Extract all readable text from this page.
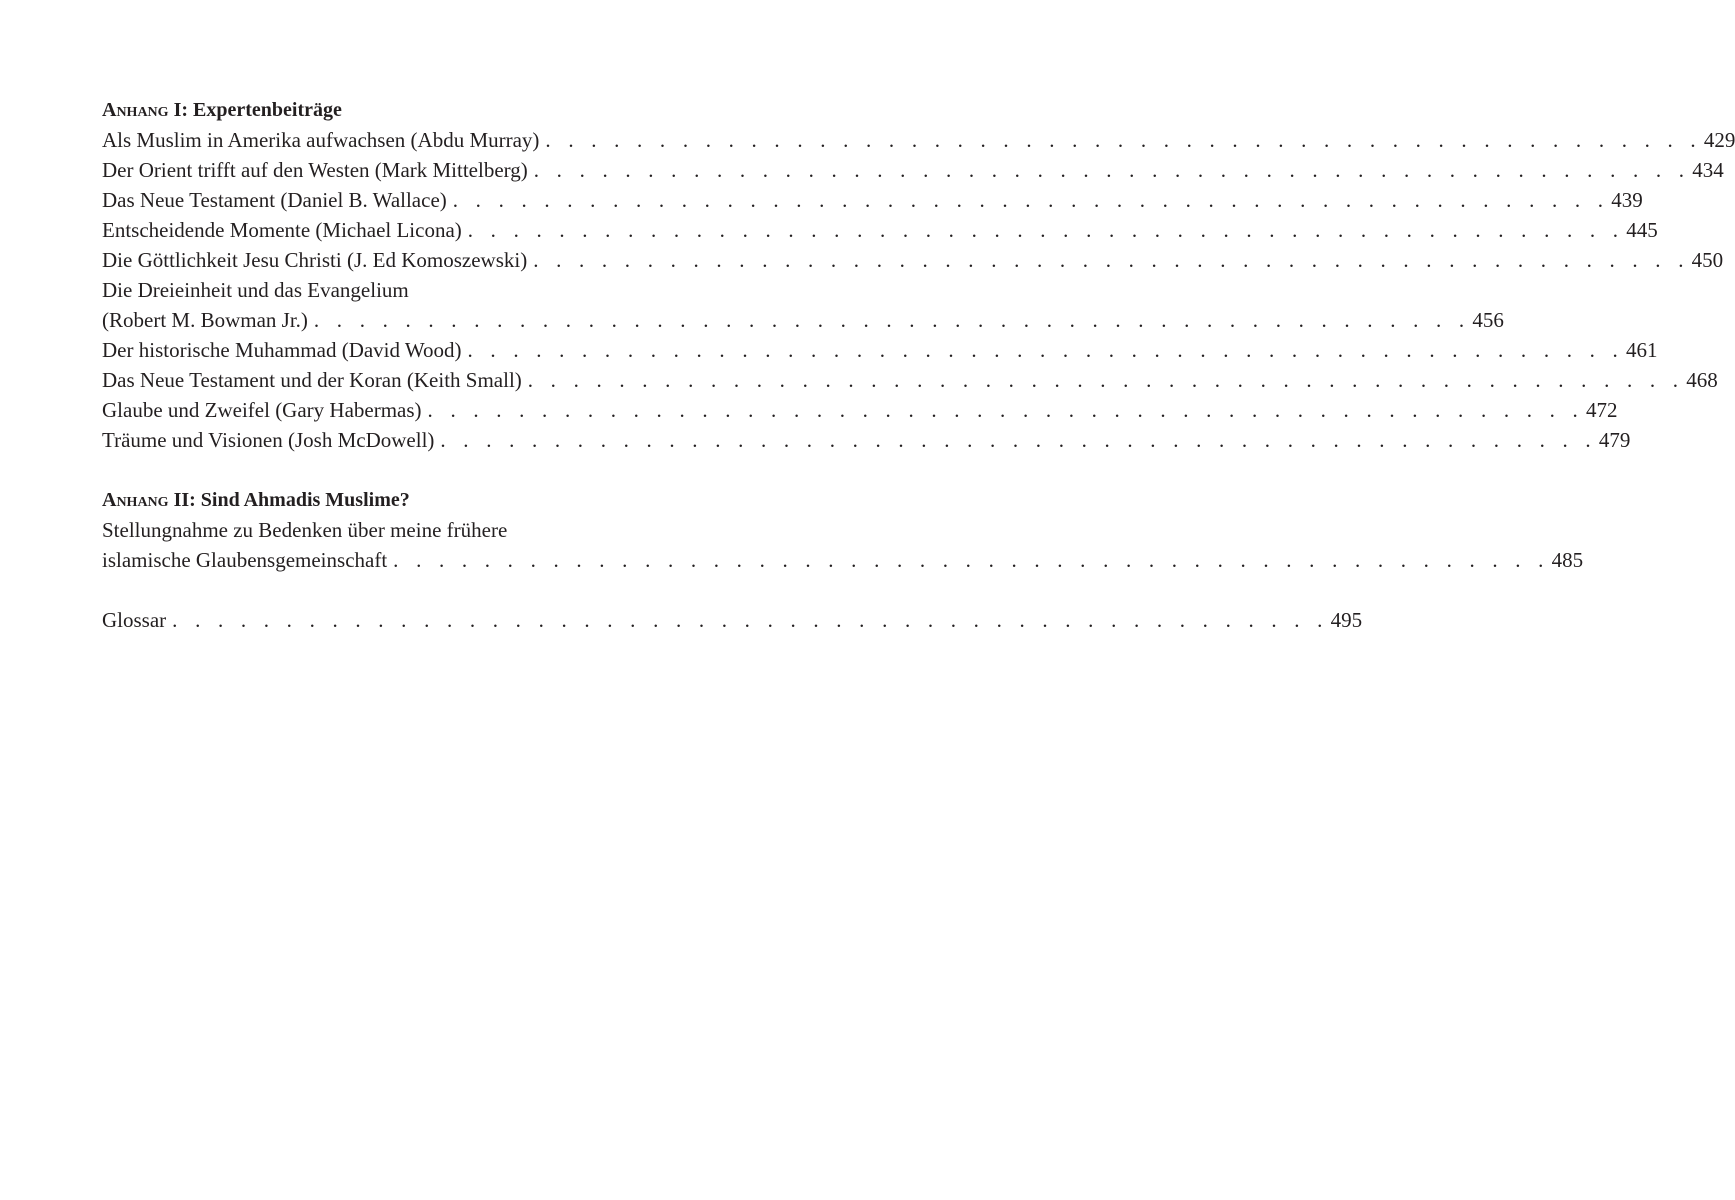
Anhang I: Expertenbeiträge
Als Muslim in Amerika aufwachsen (Abdu Murray) . . . . . . . . . . . . . . . . . . . . . . . . . . . . . . . . . . . . . . . . . . . . . . . . . . . 429
Der Orient trifft auf den Westen (Mark Mittelberg) . . . . . . . . . . . . . . . . . . . . . . . . . . . . . . . . . . . . . . . . . . . . . . . . . . . 434
Das Neue Testament (Daniel B. Wallace) . . . . . . . . . . . . . . . . . . . . . . . . . . . . . . . . . . . . . . . . . . . . . . . . . . . 439
Entscheidende Momente (Michael Licona) . . . . . . . . . . . . . . . . . . . . . . . . . . . . . . . . . . . . . . . . . . . . . . . . . . . 445
Die Göttlichkeit Jesu Christi (J. Ed Komoszewski) . . . . . . . . . . . . . . . . . . . . . . . . . . . . . . . . . . . . . . . . . . . . . . . . . . . 450
Die Dreieinheit und das Evangelium
(Robert M. Bowman Jr.) . . . . . . . . . . . . . . . . . . . . . . . . . . . . . . . . . . . . . . . . . . . . . . . . . . . 456
Der historische Muhammad (David Wood) . . . . . . . . . . . . . . . . . . . . . . . . . . . . . . . . . . . . . . . . . . . . . . . . . . . 461
Das Neue Testament und der Koran (Keith Small) . . . . . . . . . . . . . . . . . . . . . . . . . . . . . . . . . . . . . . . . . . . . . . . . . . . 468
Glaube und Zweifel (Gary Habermas) . . . . . . . . . . . . . . . . . . . . . . . . . . . . . . . . . . . . . . . . . . . . . . . . . . . 472
Träume und Visionen (Josh McDowell) . . . . . . . . . . . . . . . . . . . . . . . . . . . . . . . . . . . . . . . . . . . . . . . . . . . 479
Anhang II: Sind Ahmadis Muslime?
Stellungnahme zu Bedenken über meine frühere
islamische Glaubensgemeinschaft . . . . . . . . . . . . . . . . . . . . . . . . . . . . . . . . . . . . . . . . . . . . . . . . . . . 485
Glossar . . . . . . . . . . . . . . . . . . . . . . . . . . . . . . . . . . . . . . . . . . . . . . . . . . . 495
